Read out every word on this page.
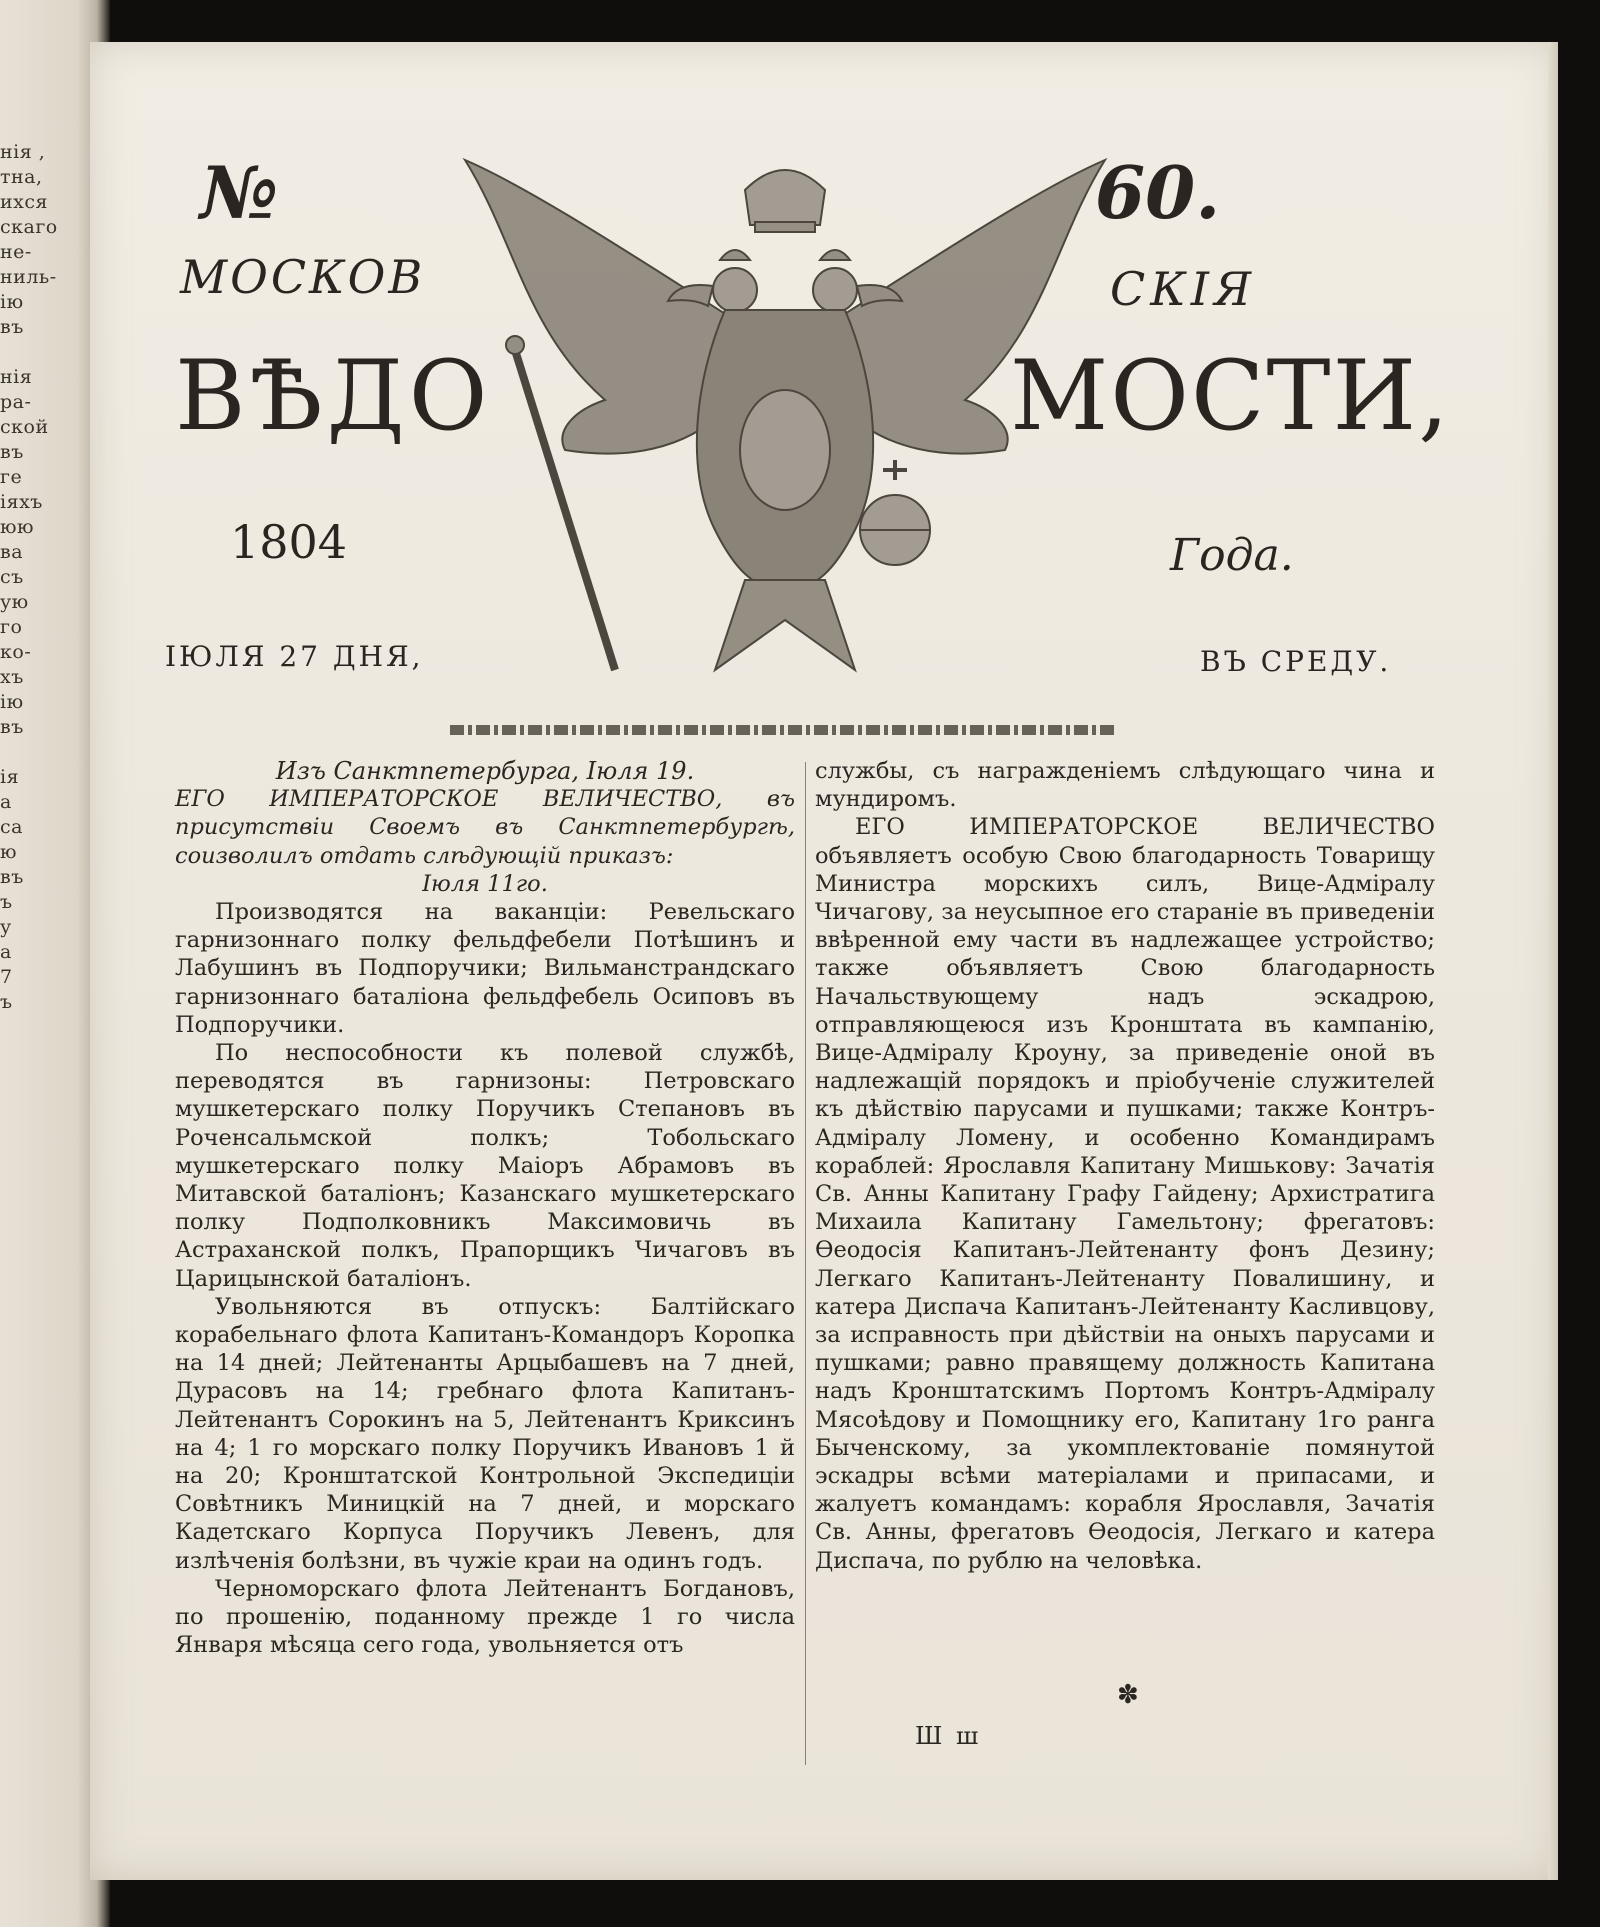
нія ,
тна,
ихся
скаго
не-
ниль-
ію
въ

нія
ра-
ской
въ
ге
іяхъ
юю
ва
съ
ую
го
ко-
хъ
ію
въ

ія
а
са
ю
въ
ъ
у
а
7
ъ
№	60.
МОСКОВ	СКІЯ
ВѢДО	МОСТИ,
1804	Года.
ІЮЛЯ 27 ДНЯ,	ВЪ СРЕДУ.

Изъ Санктпетербурга, Іюля 19.

ЕГО ИМПЕРАТОРСКОЕ ВЕЛИЧЕСТВО, въ присутствіи Своемъ въ Санктпетербургѣ, соизволилъ отдать слѣдующій приказъ:

Іюля 11го.

Производятся на ваканціи: Ревельскаго гарнизоннаго полку фельдфебели Потѣшинъ и Лабушинъ въ Подпоручики; Вильманстрандскаго гарнизоннаго баталіона фельдфебель Осиповъ въ Подпоручики.

По неспособности къ полевой службѣ, переводятся въ гарнизоны: Петровскаго мушкетерскаго полку Поручикъ Степановъ въ Роченсальмской полкъ; Тобольскаго мушкетерскаго полку Маіоръ Абрамовъ въ Митавской баталіонъ; Казанскаго мушкетерскаго полку Подполковникъ Максимовичь въ Астраханской полкъ, Прапорщикъ Чичаговъ въ Царицынской баталіонъ.

Увольняются въ отпускъ: Балтійскаго корабельнаго флота Капитанъ-Командоръ Коропка на 14 дней; Лейтенанты Арцыбашевъ на 7 дней, Дурасовъ на 14; гребнаго флота Капитанъ-Лейтенантъ Сорокинъ на 5, Лейтенантъ Криксинъ на 4; 1 го морскаго полку Поручикъ Ивановъ 1 й на 20; Кронштатской Контрольной Экспедиціи Совѣтникъ Миницкій на 7 дней, и морскаго Кадетскаго Корпуса Поручикъ Левенъ, для излѣченія болѣзни, въ чужіе краи на одинъ годъ.

Черноморскаго флота Лейтенантъ Богдановъ, по прошенію, поданному прежде 1 го числа Января мѣсяца сего года, увольняется отъ

службы, съ награжденіемъ слѣдующаго чина и мундиромъ.

ЕГО ИМПЕРАТОРСКОЕ ВЕЛИЧЕСТВО объявляетъ особую Свою благодарность Товарищу Министра морскихъ силъ, Вице-Адміралу Чичагову, за неусыпное его стараніе въ приведеніи ввѣренной ему части въ надлежащее устройство; также объявляетъ Свою благодарность Начальствующему надъ эскадрою, отправляющеюся изъ Кронштата въ кампанію, Вице-Адміралу Кроуну, за приведеніе оной въ надлежащій порядокъ и пріобученіе служителей къ дѣйствію парусами и пушками; также Контръ-Адміралу Ломену, и особенно Командирамъ кораблей: Ярославля Капитану Мишькову: Зачатія Св. Анны Капитану Графу Гайдену; Архистратига Михаила Капитану Гамельтону; фрегатовъ: Ѳеодосія Капитанъ-Лейтенанту фонъ Дезину; Легкаго Капитанъ-Лейтенанту Повалишину, и катера Диспача Капитанъ-Лейтенанту Касливцову, за исправность при дѣйствіи на оныхъ парусами и пушками; равно правящему должность Капитана надъ Кронштатскимъ Портомъ Контръ-Адміралу Мясоѣдову и Помощнику его, Капитану 1го ранга Быченскому, за укомплектованіе помянутой эскадры всѣми матеріалами и припасами, и жалуетъ командамъ: корабля Ярославля, Зачатія Св. Анны, фрегатовъ Ѳеодосія, Легкаго и катера Диспача, по рублю на человѣка.

✽
Ш ш
